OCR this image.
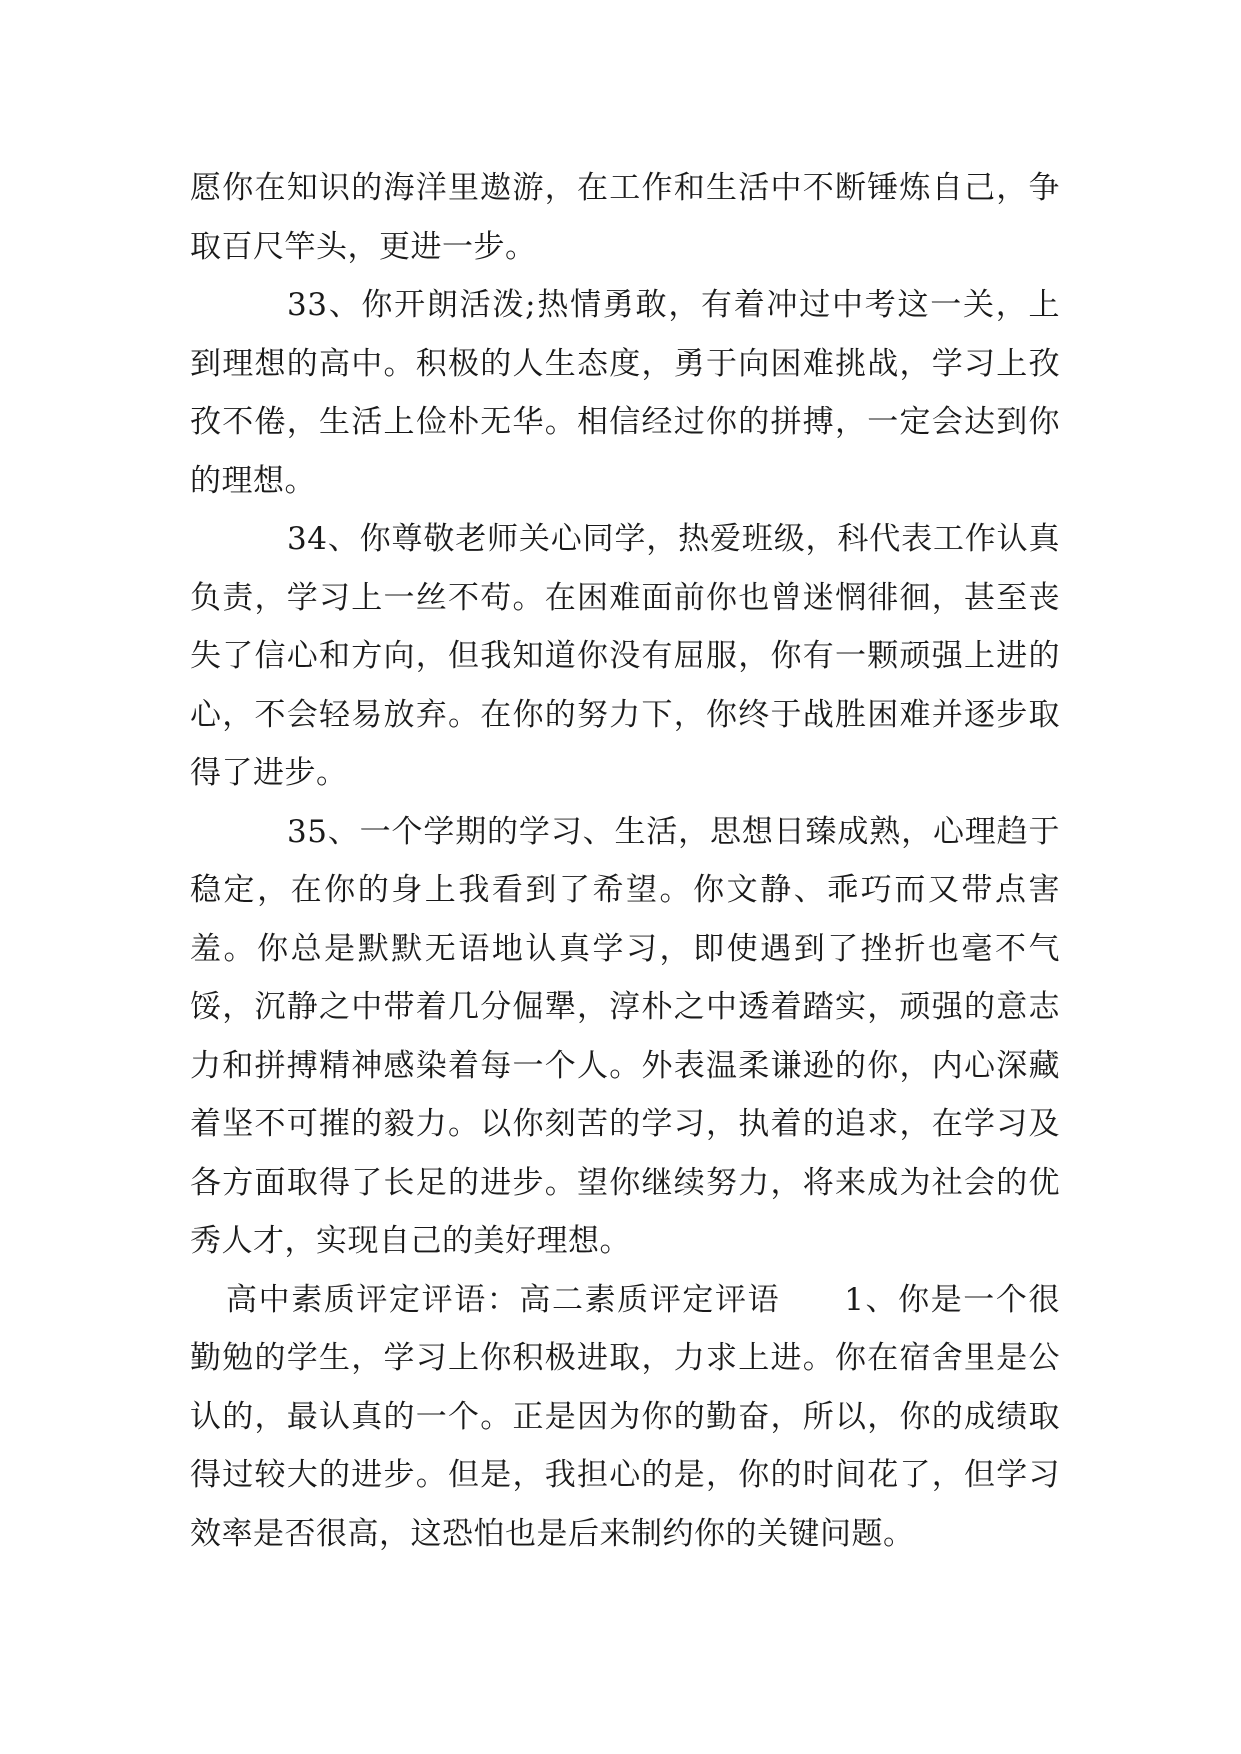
愿你在知识的海洋里遨游，在工作和生活中不断锤炼自己，争取百尺竿头，更进一步。

33、你开朗活泼;热情勇敢，有着冲过中考这一关，上到理想的高中。积极的人生态度，勇于向困难挑战，学习上孜孜不倦，生活上俭朴无华。相信经过你的拼搏，一定会达到你的理想。

34、你尊敬老师关心同学，热爱班级，科代表工作认真负责，学习上一丝不苟。在困难面前你也曾迷惘徘徊，甚至丧失了信心和方向，但我知道你没有屈服，你有一颗顽强上进的心，不会轻易放弃。在你的努力下，你终于战胜困难并逐步取得了进步。

35、一个学期的学习、生活，思想日臻成熟，心理趋于稳定，在你的身上我看到了希望。你文静、乖巧而又带点害羞。你总是默默无语地认真学习，即使遇到了挫折也毫不气馁，沉静之中带着几分倔犟，淳朴之中透着踏实，顽强的意志力和拼搏精神感染着每一个人。外表温柔谦逊的你，内心深藏着坚不可摧的毅力。以你刻苦的学习，执着的追求，在学习及各方面取得了长足的进步。望你继续努力，将来成为社会的优秀人才，实现自己的美好理想。

高中素质评定评语：高二素质评定评语 1、你是一个很勤勉的学生，学习上你积极进取，力求上进。你在宿舍里是公认的，最认真的一个。正是因为你的勤奋，所以，你的成绩取得过较大的进步。但是，我担心的是，你的时间花了，但学习效率是否很高，这恐怕也是后来制约你的关键问题。
